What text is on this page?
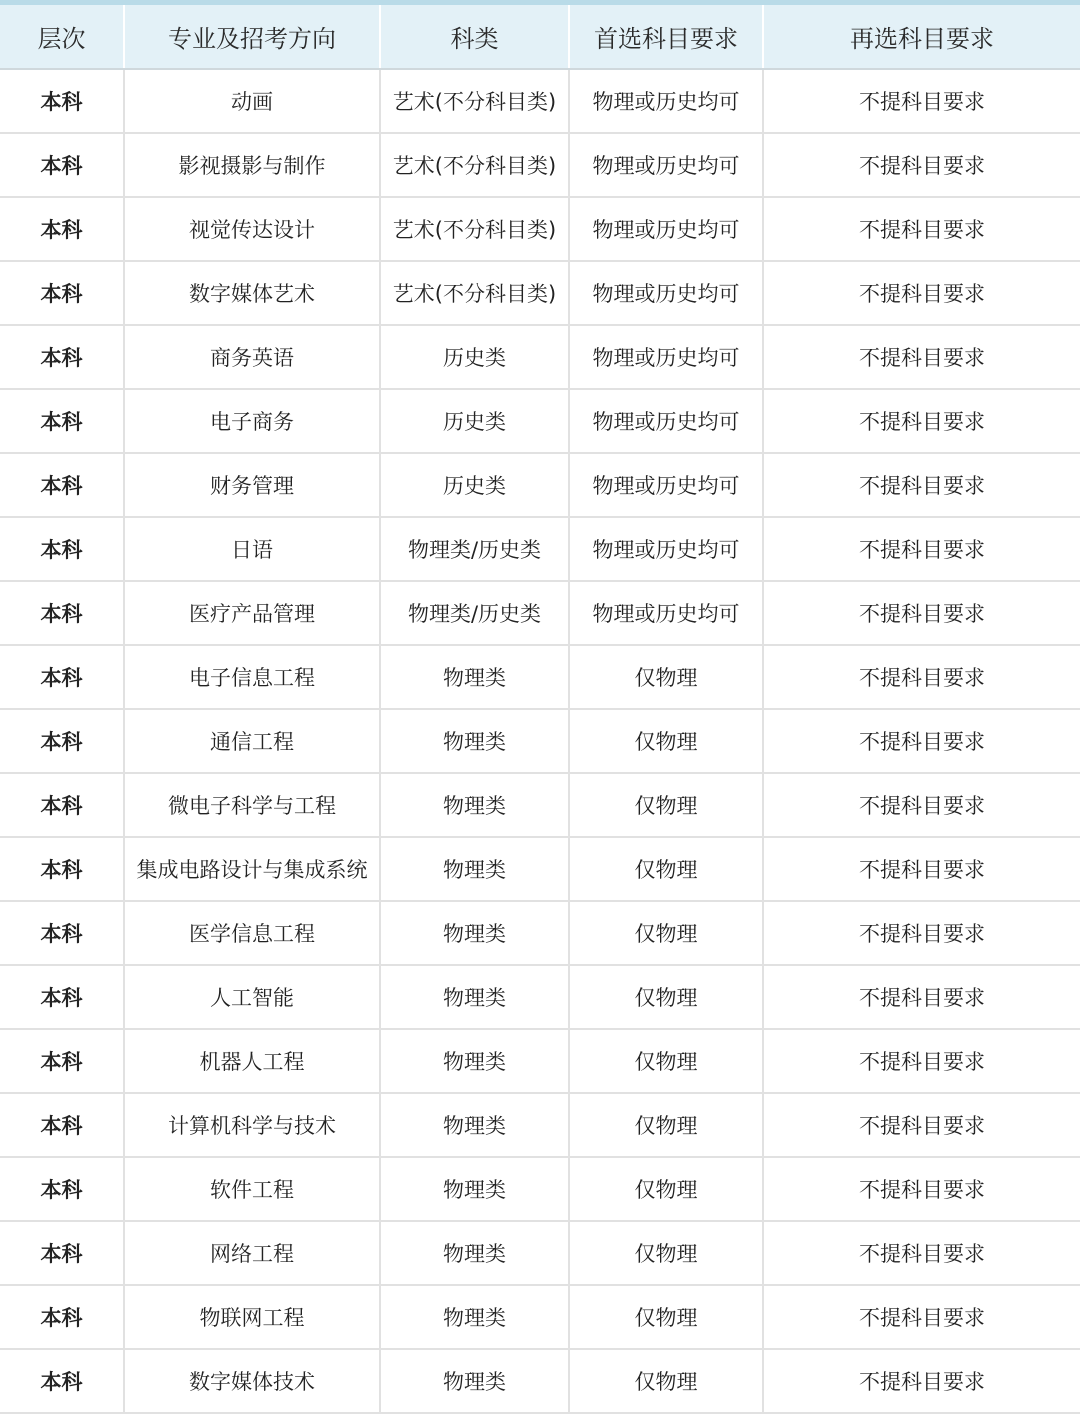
层次	专业及招考方向	科类	首选科目要求	再选科目要求
本科	动画	艺术(不分科目类)	物理或历史均可	不提科目要求
本科	影视摄影与制作	艺术(不分科目类)	物理或历史均可	不提科目要求
本科	视觉传达设计	艺术(不分科目类)	物理或历史均可	不提科目要求
本科	数字媒体艺术	艺术(不分科目类)	物理或历史均可	不提科目要求
本科	商务英语	历史类	物理或历史均可	不提科目要求
本科	电子商务	历史类	物理或历史均可	不提科目要求
本科	财务管理	历史类	物理或历史均可	不提科目要求
本科	日语	物理类/历史类	物理或历史均可	不提科目要求
本科	医疗产品管理	物理类/历史类	物理或历史均可	不提科目要求
本科	电子信息工程	物理类	仅物理	不提科目要求
本科	通信工程	物理类	仅物理	不提科目要求
本科	微电子科学与工程	物理类	仅物理	不提科目要求
本科	集成电路设计与集成系统	物理类	仅物理	不提科目要求
本科	医学信息工程	物理类	仅物理	不提科目要求
本科	人工智能	物理类	仅物理	不提科目要求
本科	机器人工程	物理类	仅物理	不提科目要求
本科	计算机科学与技术	物理类	仅物理	不提科目要求
本科	软件工程	物理类	仅物理	不提科目要求
本科	网络工程	物理类	仅物理	不提科目要求
本科	物联网工程	物理类	仅物理	不提科目要求
本科	数字媒体技术	物理类	仅物理	不提科目要求
